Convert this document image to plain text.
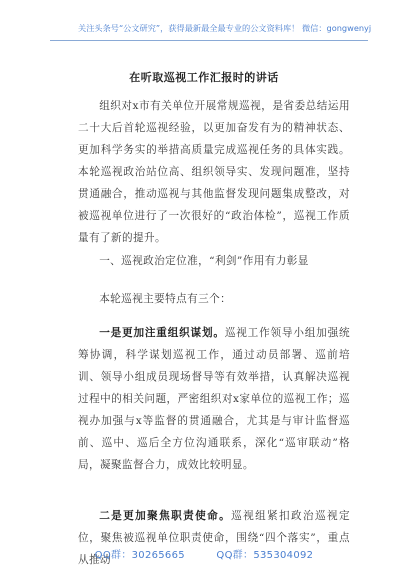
关注头条号“公文研究”，获得最新最全最专业的公文资料库！ 微信：gongwenyj
在听取巡视工作汇报时的讲话

组织对x市有关单位开展常规巡视，是省委总结运用二十大后首轮巡视经验，以更加奋发有为的精神状态、更加科学务实的举措高质量完成巡视任务的具体实践。本轮巡视政治站位高、组织领导实、发现问题准，坚持贯通融合，推动巡视与其他监督发现问题集成整改，对被巡视单位进行了一次很好的“政治体检”，巡视工作质量有了新的提升。

一、巡视政治定位准，“利剑”作用有力彰显

本轮巡视主要特点有三个：

一是更加注重组织谋划。巡视工作领导小组加强统筹协调，科学谋划巡视工作，通过动员部署、巡前培训、领导小组成员现场督导等有效举措，认真解决巡视过程中的相关问题，严密组织对x家单位的巡视工作；巡视办加强与x等监督的贯通融合，尤其是与审计监督巡前、巡中、巡后全方位沟通联系，深化“巡审联动”格局，凝聚监督合力，成效比较明显。

二是更加聚焦职责使命。巡视组紧扣政治巡视定位，聚焦被巡视单位职责使命，围绕“四个落实”，重点从推动

QQ群：30265665	QQ群：535304092
